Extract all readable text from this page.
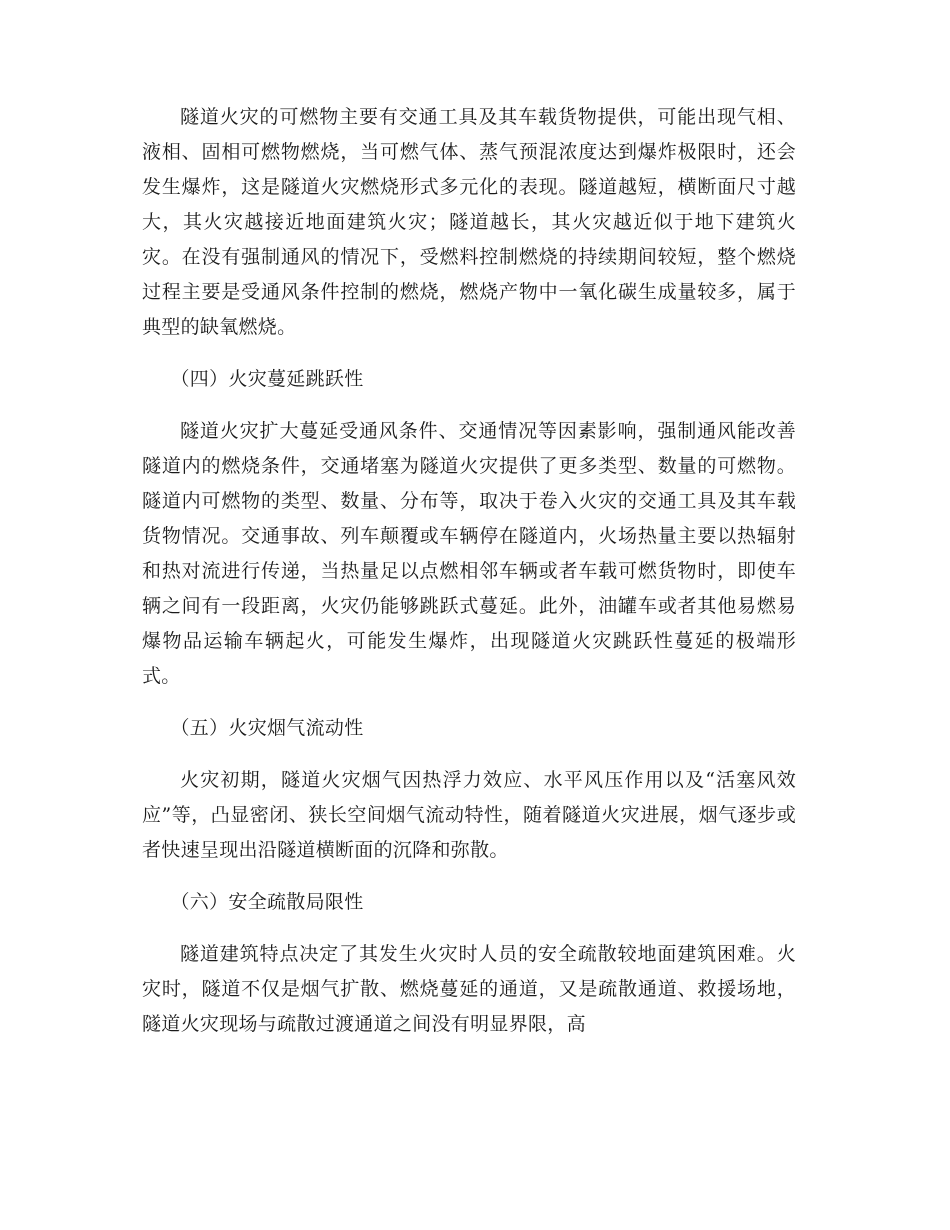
隧道火灾的可燃物主要有交通工具及其车载货物提供，可能出现气相、液相、固相可燃物燃烧，当可燃气体、蒸气预混浓度达到爆炸极限时，还会发生爆炸，这是隧道火灾燃烧形式多元化的表现。隧道越短，横断面尺寸越大，其火灾越接近地面建筑火灾；隧道越长，其火灾越近似于地下建筑火灾。在没有强制通风的情况下，受燃料控制燃烧的持续期间较短，整个燃烧过程主要是受通风条件控制的燃烧，燃烧产物中一氧化碳生成量较多，属于典型的缺氧燃烧。

（四）火灾蔓延跳跃性

隧道火灾扩大蔓延受通风条件、交通情况等因素影响，强制通风能改善隧道内的燃烧条件，交通堵塞为隧道火灾提供了更多类型、数量的可燃物。隧道内可燃物的类型、数量、分布等，取决于卷入火灾的交通工具及其车载货物情况。交通事故、列车颠覆或车辆停在隧道内，火场热量主要以热辐射和热对流进行传递，当热量足以点燃相邻车辆或者车载可燃货物时，即使车辆之间有一段距离，火灾仍能够跳跃式蔓延。此外，油罐车或者其他易燃易爆物品运输车辆起火，可能发生爆炸，出现隧道火灾跳跃性蔓延的极端形式。

（五）火灾烟气流动性

火灾初期，隧道火灾烟气因热浮力效应、水平风压作用以及“活塞风效应”等，凸显密闭、狭长空间烟气流动特性，随着隧道火灾进展，烟气逐步或者快速呈现出沿隧道横断面的沉降和弥散。

（六）安全疏散局限性

隧道建筑特点决定了其发生火灾时人员的安全疏散较地面建筑困难。火灾时，隧道不仅是烟气扩散、燃烧蔓延的通道，又是疏散通道、救援场地，隧道火灾现场与疏散过渡通道之间没有明显界限，高
